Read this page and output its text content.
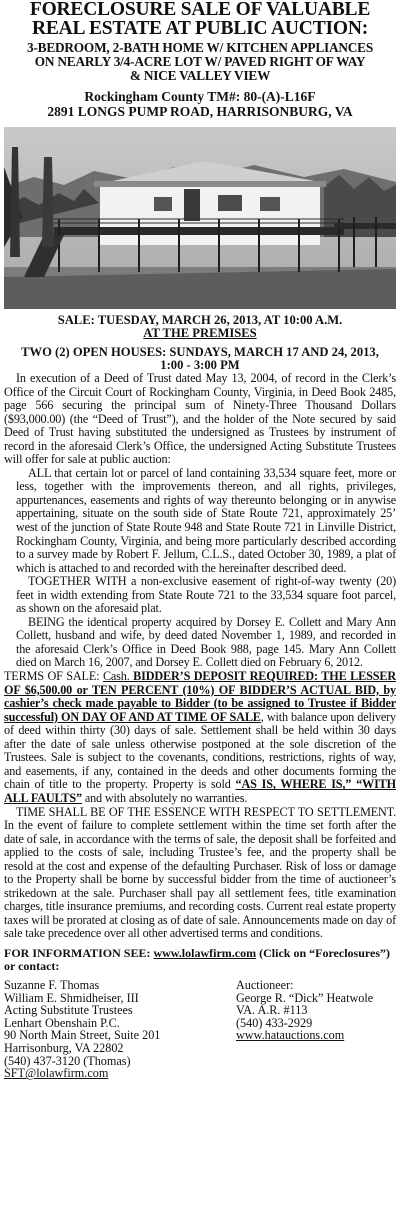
FORECLOSURE SALE OF VALUABLE
REAL ESTATE AT PUBLIC AUCTION:
3-BEDROOM, 2-BATH HOME W/ KITCHEN APPLIANCES
ON NEARLY 3/4-ACRE LOT W/ PAVED RIGHT OF WAY
& NICE VALLEY VIEW
Rockingham County TM#: 80-(A)-L16F
2891 LONGS PUMP ROAD, HARRISONBURG, VA
SALE: TUESDAY, MARCH 26, 2013, AT 10:00 A.M.
AT THE PREMISES
TWO (2) OPEN HOUSES: SUNDAYS, MARCH 17 AND 24, 2013,
1:00 - 3:00 PM

In execution of a Deed of Trust dated May 13, 2004, of record in the Clerk’s Office of the Circuit Court of Rockingham County, Virginia, in Deed Book 2485, page 566 securing the principal sum of Ninety-Three Thousand Dollars ($93,000.00) (the “Deed of Trust”), and the holder of the Note secured by said Deed of Trust having substituted the undersigned as Trustees by instrument of record in the aforesaid Clerk’s Office, the undersigned Acting Substitute Trustees will offer for sale at public auction:

ALL that certain lot or parcel of land containing 33,534 square feet, more or less, together with the improvements thereon, and all rights, privileges, appurtenances, easements and rights of way thereunto belonging or in anywise appertaining, situate on the south side of State Route 721, approximately 25’ west of the junction of State Route 948 and State Route 721 in Linville District, Rockingham County, Virginia, and being more particularly described according to a survey made by Robert F. Jellum, C.L.S., dated October 30, 1989, a plat of which is attached to and recorded with the hereinafter described deed.

TOGETHER WITH a non-exclusive easement of right-of-way twenty (20) feet in width extending from State Route 721 to the 33,534 square foot parcel, as shown on the aforesaid plat.

BEING the identical property acquired by Dorsey E. Collett and Mary Ann Collett, husband and wife, by deed dated November 1, 1989, and recorded in the aforesaid Clerk’s Office in Deed Book 988, page 145. Mary Ann Collett died on March 16, 2007, and Dorsey E. Collett died on February 6, 2012.

TERMS OF SALE: Cash. BIDDER’S DEPOSIT REQUIRED: THE LESSER OF $6,500.00 or TEN PERCENT (10%) OF BIDDER’S ACTUAL BID, by cashier’s check made payable to Bidder (to be assigned to Trustee if Bidder successful) ON DAY OF AND AT TIME OF SALE, with balance upon delivery of deed within thirty (30) days of sale. Settlement shall be held within 30 days after the date of sale unless otherwise postponed at the sole discretion of the Trustees. Sale is subject to the covenants, conditions, restrictions, rights of way, and easements, if any, contained in the deeds and other documents forming the chain of title to the property. Property is sold “AS IS, WHERE IS,” “WITH ALL FAULTS” and with absolutely no warranties.

TIME SHALL BE OF THE ESSENCE WITH RESPECT TO SETTLEMENT. In the event of failure to complete settlement within the time set forth after the date of sale, in accordance with the terms of sale, the deposit shall be forfeited and applied to the costs of sale, including Trustee’s fee, and the property shall be resold at the cost and expense of the defaulting Purchaser. Risk of loss or damage to the Property shall be borne by successful bidder from the time of auctioneer’s strikedown at the sale. Purchaser shall pay all settlement fees, title examination charges, title insurance premiums, and recording costs. Current real estate property taxes will be prorated at closing as of date of sale. Announcements made on day of sale take precedence over all other advertised terms and conditions.

FOR INFORMATION SEE: www.lolawfirm.com (Click on “Foreclosures”) or contact:
Suzanne F. Thomas
William E. Shmidheiser, III
Acting Substitute Trustees
Lenhart Obenshain P.C.
90 North Main Street, Suite 201
Harrisonburg, VA 22802
(540) 437-3120 (Thomas)
SFT@lolawfirm.com
Auctioneer:
George R. “Dick” Heatwole
VA. A.R. #113
(540) 433-2929
www.hatauctions.com
